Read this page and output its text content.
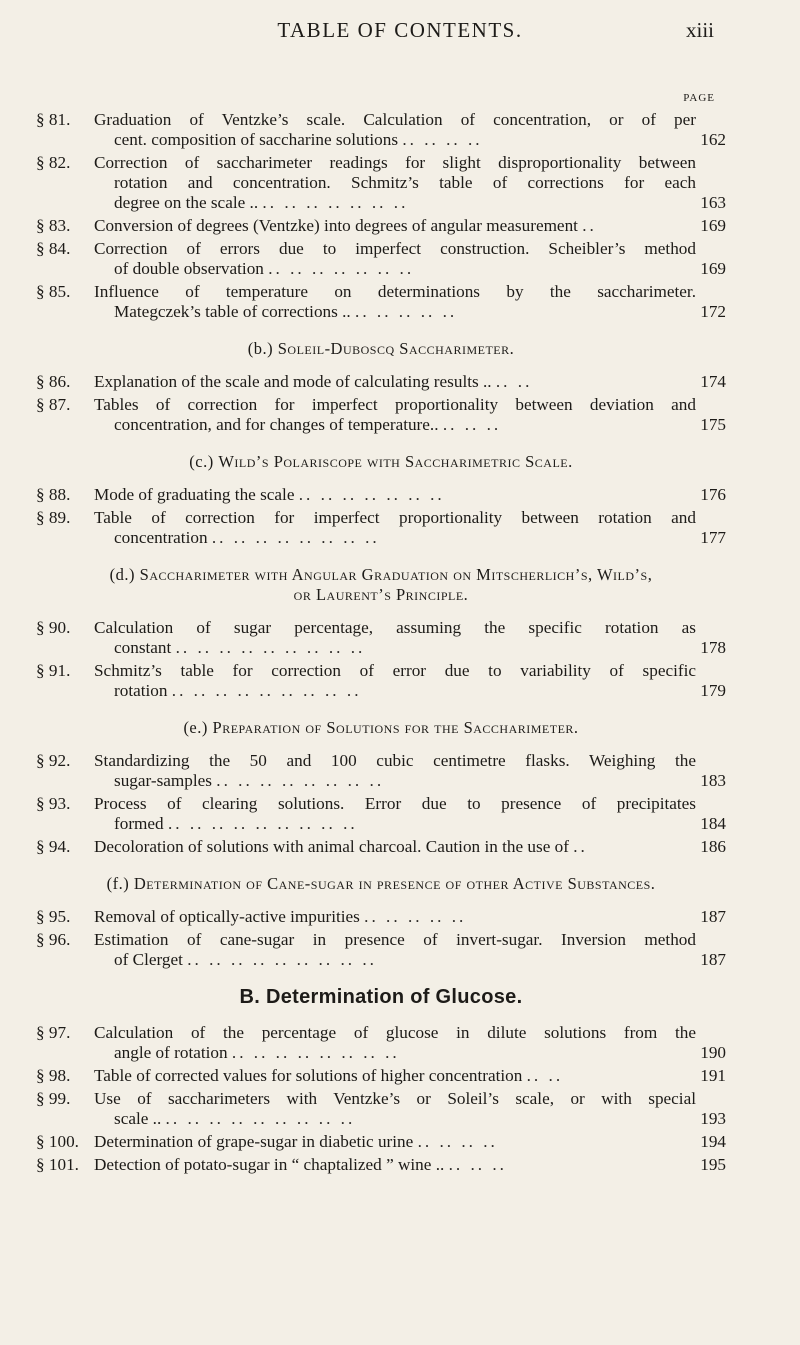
TABLE OF CONTENTS.	xiii
PAGE
§ 81.	Graduation of Ventzke’s scale. Calculation of concentration, or of per
cent. composition of saccharine solutions .. .. .. ..	162
§ 82.	Correction of saccharimeter readings for slight disproportionality between
rotation and concentration. Schmitz’s table of corrections for each
degree on the scale .. .. .. .. .. .. .. ..	163
§ 83.	Conversion of degrees (Ventzke) into degrees of angular measurement ..	169
§ 84.	Correction of errors due to imperfect construction. Scheibler’s method
of double observation .. .. .. .. .. .. ..	169
§ 85.	Influence of temperature on determinations by the saccharimeter.
Mategczek’s table of corrections .. .. .. .. .. ..	172
(b.) Soleil-Duboscq Saccharimeter.
§ 86.	Explanation of the scale and mode of calculating results .. .. ..	174
§ 87.	Tables of correction for imperfect proportionality between deviation and
concentration, and for changes of temperature.. .. .. ..	175
(c.) Wild’s Polariscope with Saccharimetric Scale.
§ 88.	Mode of graduating the scale .. .. .. .. .. .. ..	176
§ 89.	Table of correction for imperfect proportionality between rotation and
concentration .. .. .. .. .. .. .. ..	177
(d.) Saccharimeter with Angular Graduation on Mitscherlich’s, Wild’s,
or Laurent’s Principle.
§ 90.	Calculation of sugar percentage, assuming the specific rotation as
constant .. .. .. .. .. .. .. .. ..	178
§ 91.	Schmitz’s table for correction of error due to variability of specific
rotation .. .. .. .. .. .. .. .. ..	179
(e.) Preparation of Solutions for the Saccharimeter.
§ 92.	Standardizing the 50 and 100 cubic centimetre flasks. Weighing the
sugar-samples .. .. .. .. .. .. .. ..	183
§ 93.	Process of clearing solutions. Error due to presence of precipitates
formed .. .. .. .. .. .. .. .. ..	184
§ 94.	Decoloration of solutions with animal charcoal. Caution in the use of ..	186
(f.) Determination of Cane-sugar in presence of other Active Substances.
§ 95.	Removal of optically-active impurities .. .. .. .. ..	187
§ 96.	Estimation of cane-sugar in presence of invert-sugar. Inversion method
of Clerget .. .. .. .. .. .. .. .. ..	187
B. Determination of Glucose.
§ 97.	Calculation of the percentage of glucose in dilute solutions from the
angle of rotation .. .. .. .. .. .. .. ..	190
§ 98.	Table of corrected values for solutions of higher concentration .. ..	191
§ 99.	Use of saccharimeters with Ventzke’s or Soleil’s scale, or with special
scale .. .. .. .. .. .. .. .. .. ..	193
§ 100. Determination of grape-sugar in diabetic urine .. .. .. ..	194
§ 101. Detection of potato-sugar in “ chaptalized ” wine .. .. .. ..	195
